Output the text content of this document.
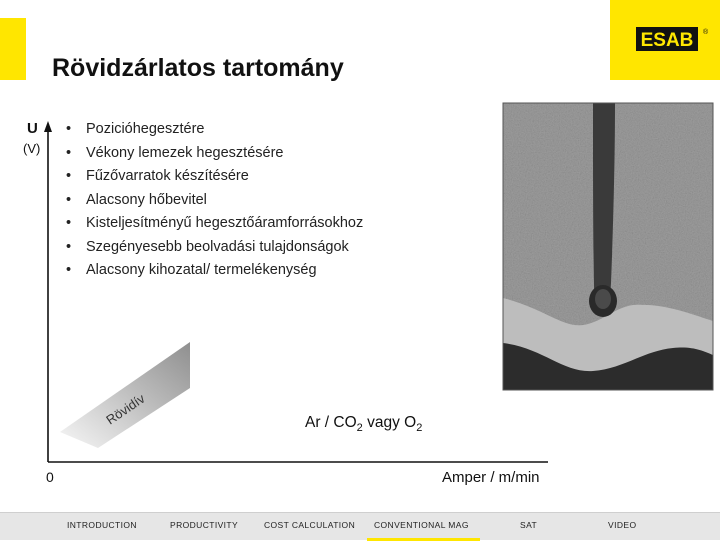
Rövidzárlatos tartomány
ESAB ®
U
(V)
0	Amper / m/min
• Pozicióhegesztére
• Vékony lemezek hegesztésére
• Fűzővarratok készítésére
• Alacsony hőbevitel
• Kisteljesítményű hegesztőáramforrásokhoz
• Szegényesebb beolvadási tulajdonságok
• Alacsony kihozatal/ termelékenység
Rövidív	Ar / $CO_2$ vagy $O_2$
INTRODUCTION	PRODUCTIVITY	COST CALCULATION CONVENTIONAL MAG	SAT	VIDEO
